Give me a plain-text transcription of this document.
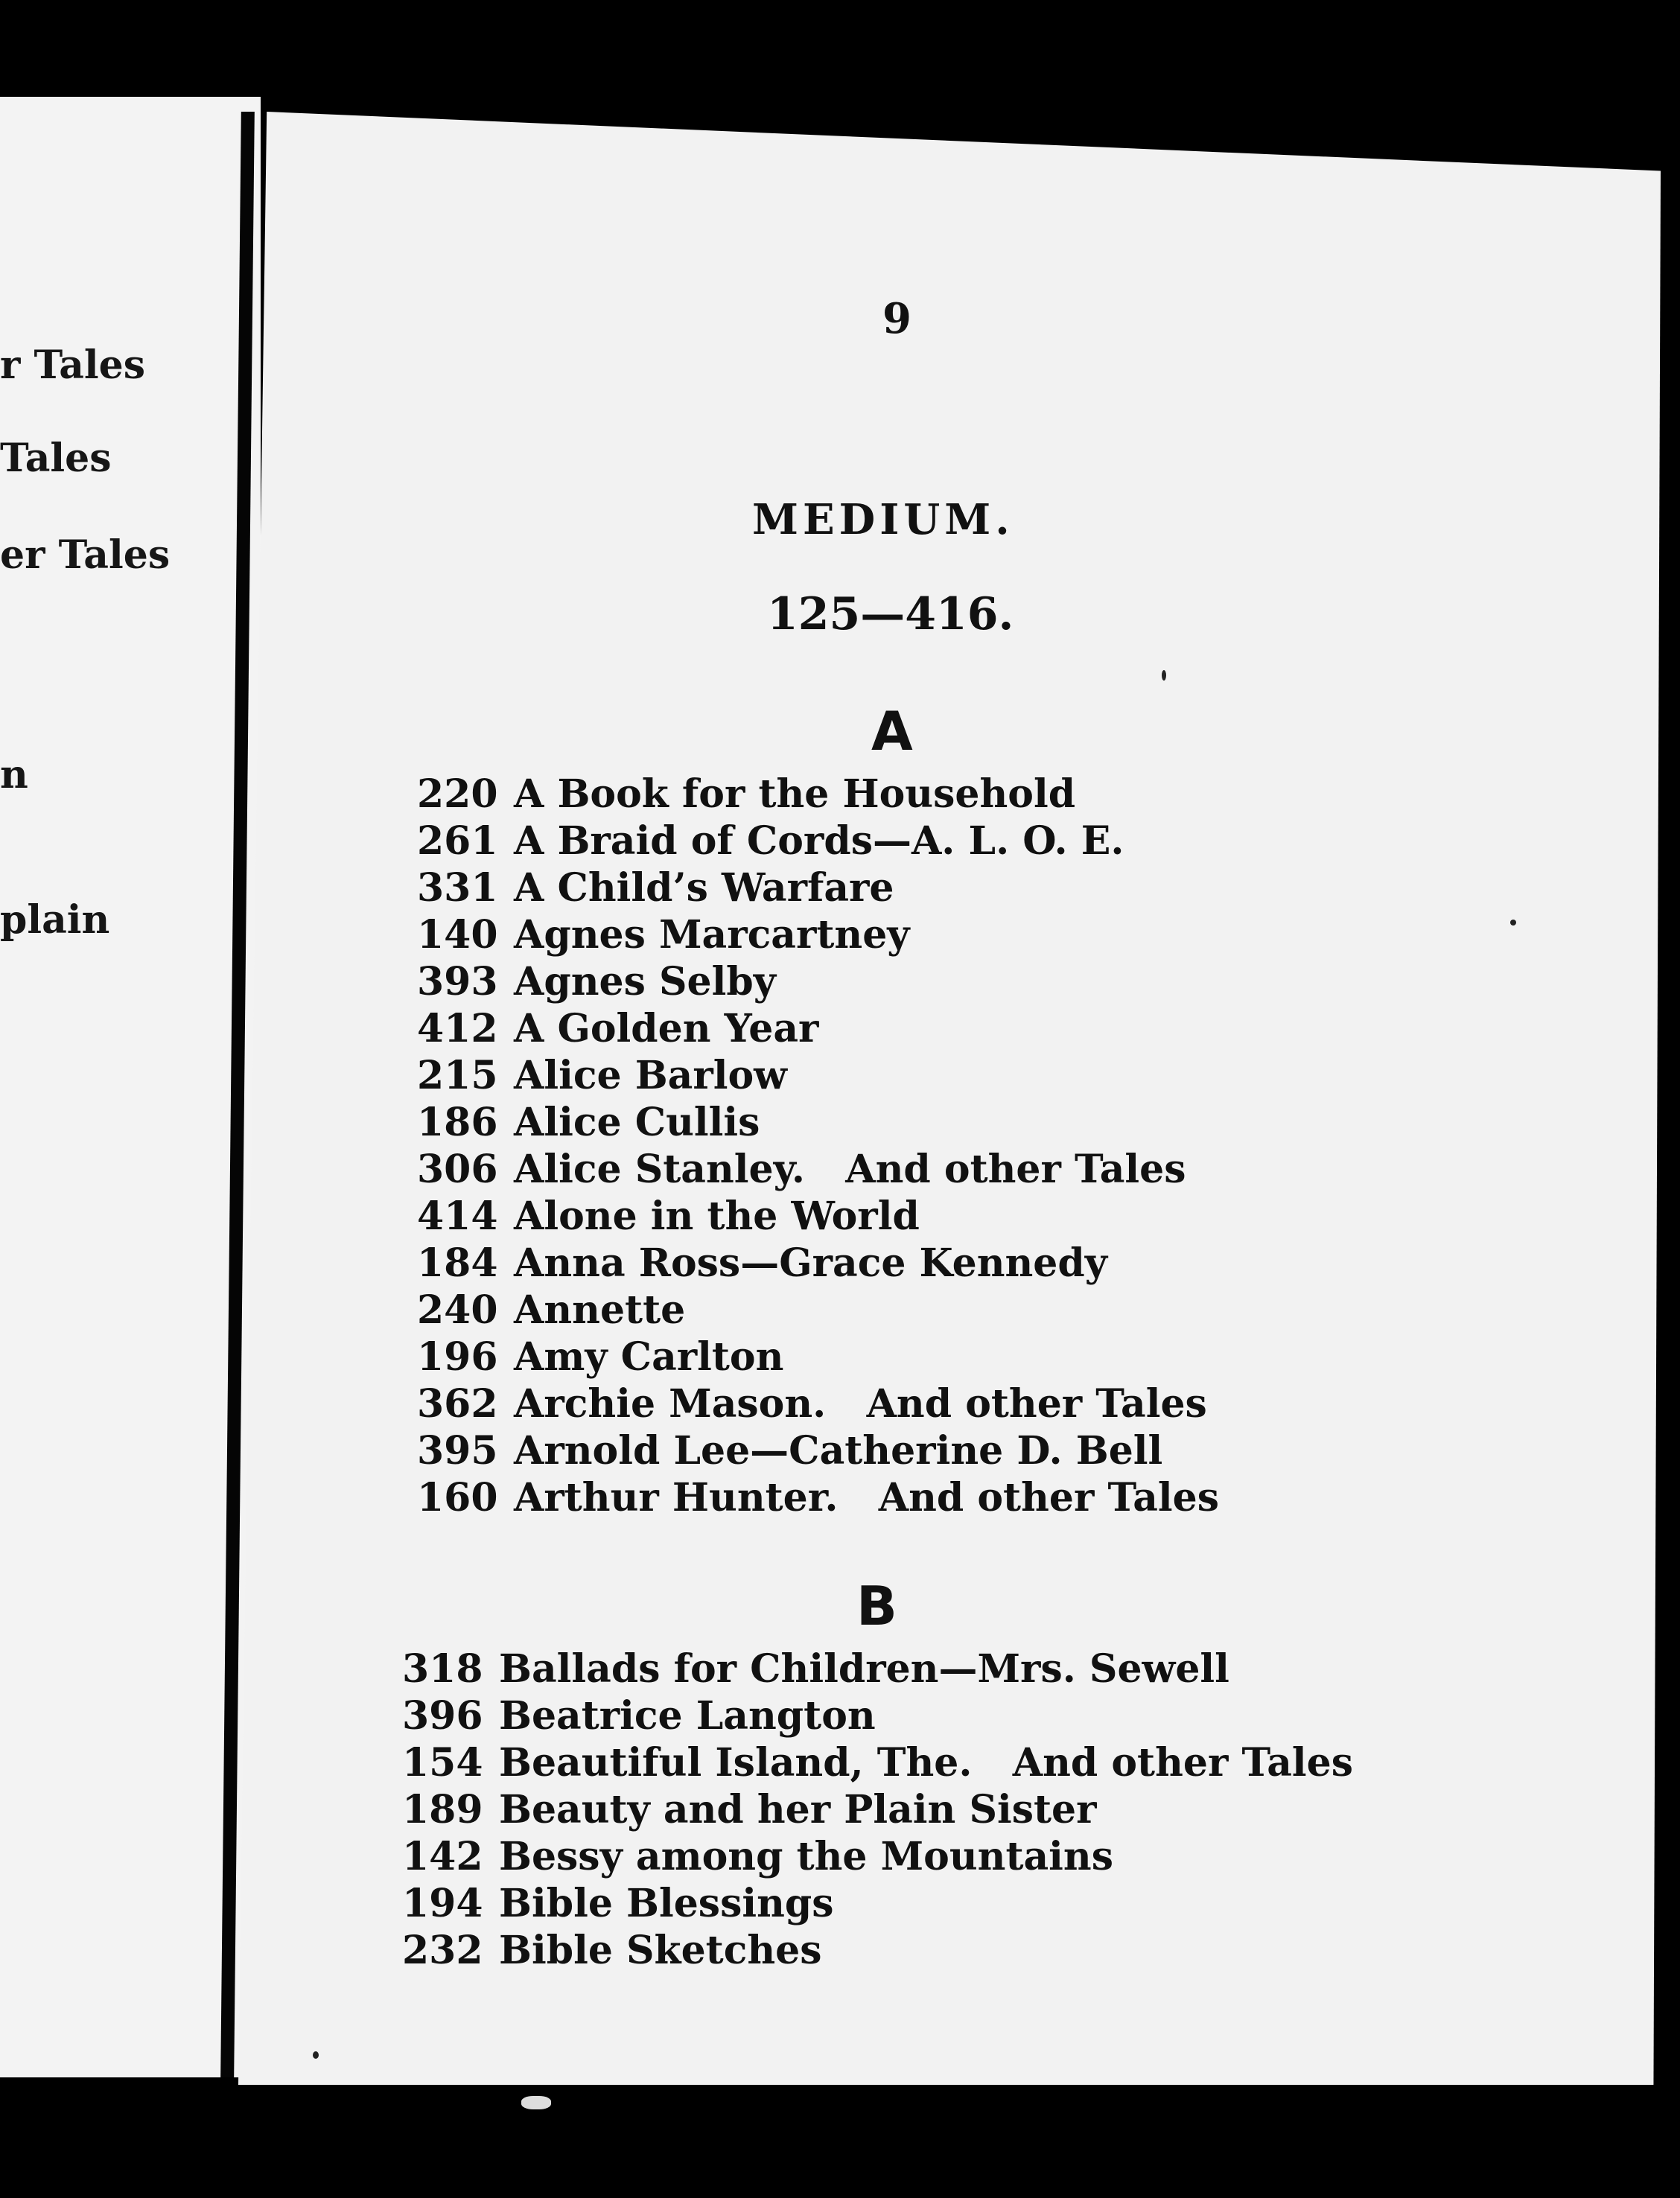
r Tales
Tales
er Tales
n
plain
9
MEDIUM.
125—416.
A
220 A Book for the Household
261 A Braid of Cords—A. L. O. E.
331 A Child’s Warfare
140 Agnes Marcartney
393 Agnes Selby
412 A Golden Year
215 Alice Barlow
186 Alice Cullis
306 Alice Stanley.   And other Tales
414 Alone in the World
184 Anna Ross—Grace Kennedy
240 Annette
196 Amy Carlton
362 Archie Mason.   And other Tales
395 Arnold Lee—Catherine D. Bell
160 Arthur Hunter.   And other Tales
B
318 Ballads for Children—Mrs. Sewell
396 Beatrice Langton
154 Beautiful Island, The.   And other Tales
189 Beauty and her Plain Sister
142 Bessy among the Mountains
194 Bible Blessings
232 Bible Sketches
